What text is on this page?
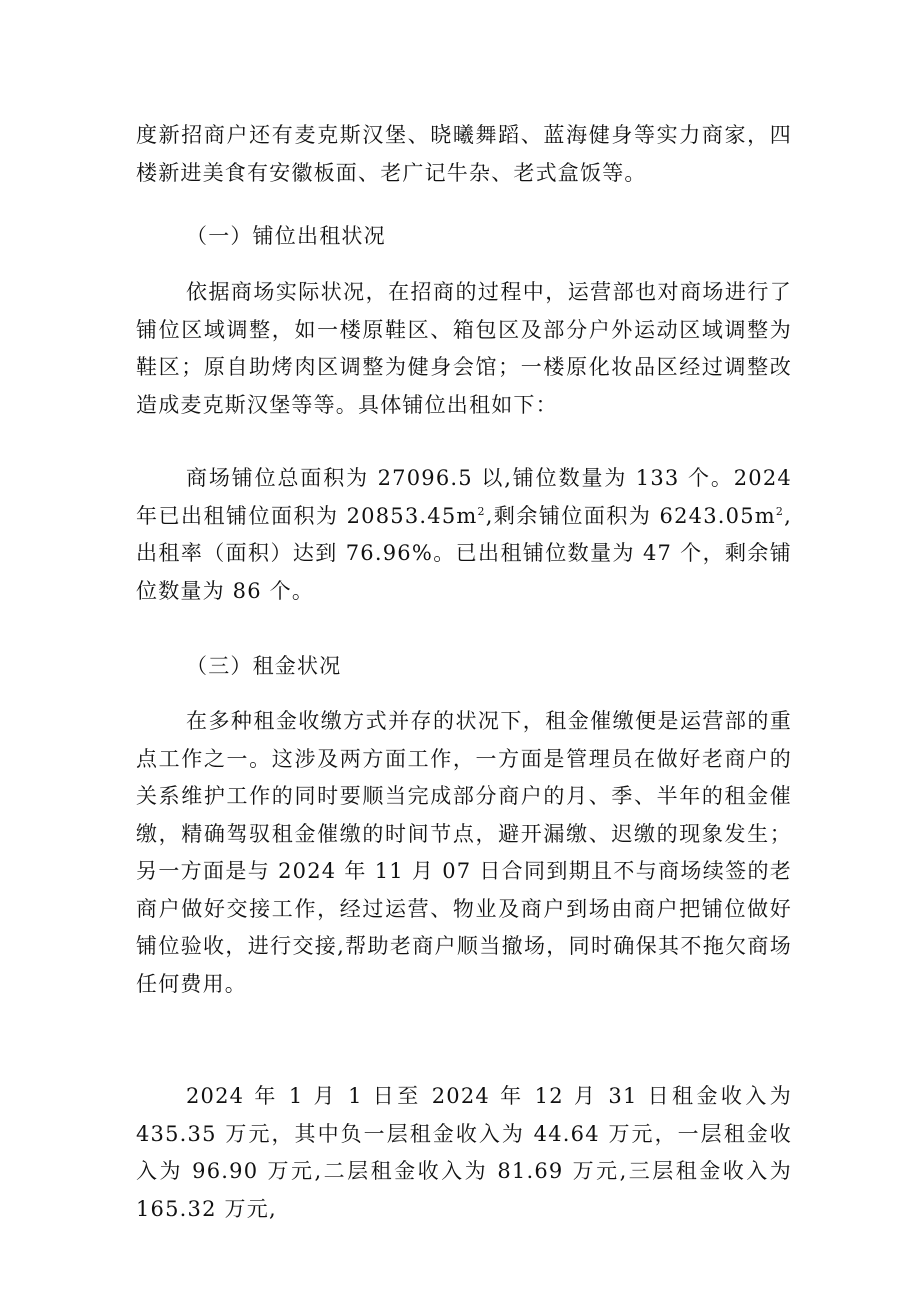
度新招商户还有麦克斯汉堡、晓曦舞蹈、蓝海健身等实力商家，四楼新进美食有安徽板面、老广记牛杂、老式盒饭等。

（一）铺位出租状况

依据商场实际状况，在招商的过程中，运营部也对商场进行了铺位区域调整，如一楼原鞋区、箱包区及部分户外运动区域调整为鞋区；原自助烤肉区调整为健身会馆；一楼原化妆品区经过调整改造成麦克斯汉堡等等。具体铺位出租如下：

商场铺位总面积为 27096.5 以,铺位数量为 133 个。2024 年已出租铺位面积为 $20853.45m^2$,剩余铺位面积为 $6243.05m^2$,出租率（面积）达到 76.96%。已出租铺位数量为 47 个，剩余铺位数量为 86 个。

（三）租金状况

在多种租金收缴方式并存的状况下，租金催缴便是运营部的重点工作之一。这涉及两方面工作，一方面是管理员在做好老商户的关系维护工作的同时要顺当完成部分商户的月、季、半年的租金催缴，精确驾驭租金催缴的时间节点，避开漏缴、迟缴的现象发生；另一方面是与 2024 年 11 月 07 日合同到期且不与商场续签的老商户做好交接工作，经过运营、物业及商户到场由商户把铺位做好铺位验收，进行交接,帮助老商户顺当撤场，同时确保其不拖欠商场任何费用。

2024 年 1 月 1 日至 2024 年 12 月 31 日租金收入为 435.35 万元，其中负一层租金收入为 44.64 万元，一层租金收入为 96.90 万元,二层租金收入为 81.69 万元,三层租金收入为 165.32 万元,
